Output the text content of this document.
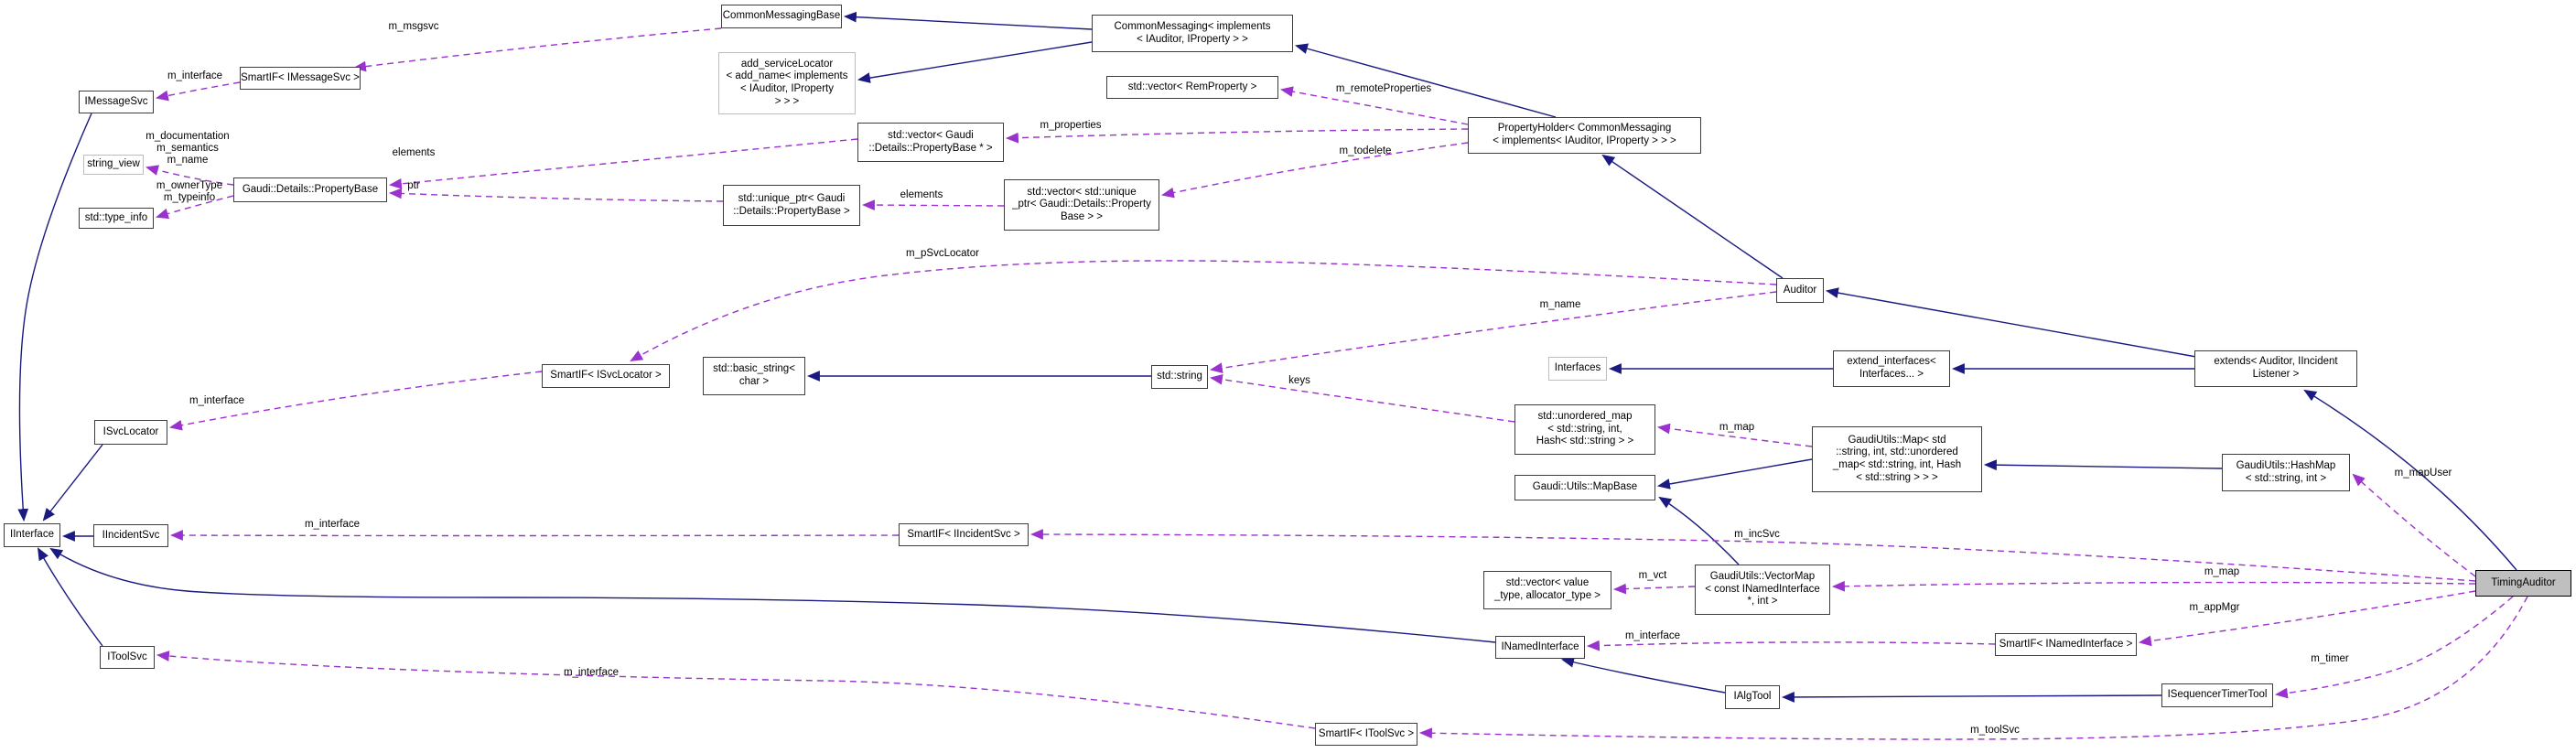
m_msgsvc
m_interface
m_documentation
m_semantics
m_name
m_ownerType
m_typeinfo
elements
ptr
elements
m_properties
m_todelete
m_remoteProperties
m_pSvcLocator
m_name
keys
m_map
m_mapUser
m_map
m_incSvc
m_appMgr
m_vct
m_interface
m_timer
m_toolSvc
m_interface
m_interface
m_interface
CommonMessagingBase
CommonMessaging< implements
< IAuditor, IProperty > >
add_serviceLocator
< add_name< implements
< IAuditor, IProperty
> > >
std::vector< RemProperty >
string_view
Gaudi::Details::PropertyBase
std::type_info
std::vector< Gaudi
::Details::PropertyBase * >
std::unique_ptr< Gaudi
::Details::PropertyBase >
std::vector< std::unique
_ptr< Gaudi::Details::Property
Base > >
PropertyHolder< CommonMessaging
< implements< IAuditor, IProperty > > >
Auditor
SmartIF< ISvcLocator >
std::basic_string<
char >	std::string
Interfaces
extend_interfaces<
Interfaces... >
extends< Auditor, IIncident
Listener >
GaudiUtils::Map< std
::string, int, std::unordered
_map< std::string, int, Hash
< std::string > > >
Gaudi::Utils::MapBase
GaudiUtils::HashMap
< std::string, int >
std::unordered_map
< std::string, int,
Hash< std::string > >
SmartIF< IIncidentSvc >
IInterface	IIncidentSvc
ISvcLocator
IMessageSvc
SmartIF< IMessageSvc >
std::vector< value
_type, allocator_type >
GaudiUtils::VectorMap
< const INamedInterface
*, int >
INamedInterface	SmartIF< INamedInterface >
IAlgTool	ISequencerTimerTool
IToolSvc
SmartIF< IToolSvc >
TimingAuditor
